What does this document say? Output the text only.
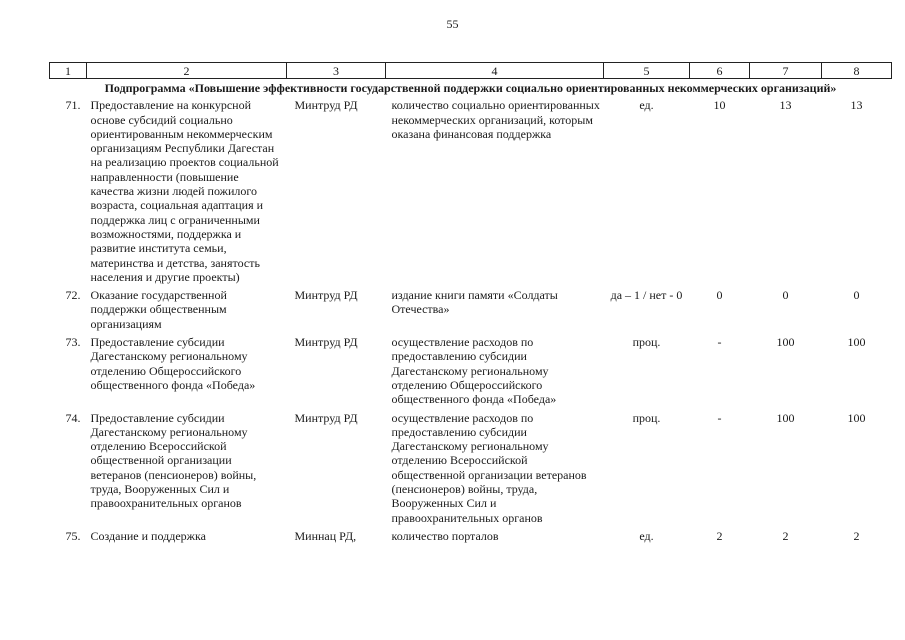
55
1	2	3	4	5	6	7	8
Подпрограмма «Повышение эффективности государственной поддержки социально ориентированных некоммерческих организаций»							
71.	Предоставление на конкурсной основе субсидий социально ориентированным некоммерческим организациям Республики Дагестан на реализацию проектов социальной направленности (повышение качества жизни людей пожилого возраста, социальная адаптация и поддержка лиц с ограниченными возможностями, поддержка и развитие института семьи, материнства и детства, занятость населения и другие проекты)	Минтруд РД	количество социально ориентированных некоммерческих организаций, которым оказана финансовая поддержка	ед.	10	13	13
72.	Оказание государственной поддержки общественным организациям	Минтруд РД	издание книги памяти «Солдаты Отечества»	да – 1 / нет - 0	0	0	0
73.	Предоставление субсидии Дагестанскому региональному отделению Общероссийского общественного фонда «Победа»	Минтруд РД	осуществление расходов по предоставлению субсидии Дагестанскому региональному отделению Общероссийского общественного фонда «Победа»	проц.	-	100	100
74.	Предоставление субсидии Дагестанскому региональному отделению Всероссийской общественной организации ветеранов (пенсионеров) войны, труда, Вооруженных Сил и правоохранительных органов	Минтруд РД	осуществление расходов по предоставлению субсидии Дагестанскому региональному отделению Всероссийской общественной организации ветеранов (пенсионеров) войны, труда, Вооруженных Сил и правоохранительных органов	проц.	-	100	100
75.	Создание и поддержка	Миннац РД,	количество порталов	ед.	2	2	2
